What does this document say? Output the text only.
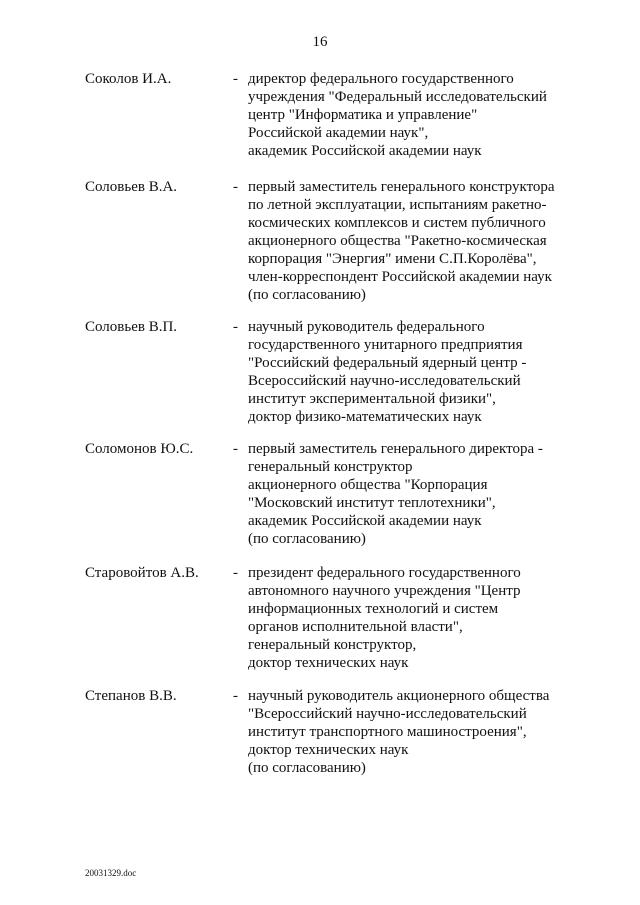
16
Соколов И.А.	- директор федерального государственного
учреждения "Федеральный исследовательский
центр "Информатика и управление"
Российской академии наук",
академик Российской академии наук
Соловьев В.А.	- первый заместитель генерального конструктора
по летной эксплуатации, испытаниям ракетно-
космических комплексов и систем публичного
акционерного общества "Ракетно-космическая
корпорация "Энергия" имени С.П.Королёва",
член-корреспондент Российской академии наук
(по согласованию)
Соловьев В.П.	- научный руководитель федерального
государственного унитарного предприятия
"Российский федеральный ядерный центр -
Всероссийский научно-исследовательский
институт экспериментальной физики",
доктор физико-математических наук
Соломонов Ю.С.	- первый заместитель генерального директора -
генеральный конструктор
акционерного общества "Корпорация
"Московский институт теплотехники",
академик Российской академии наук
(по согласованию)
Старовойтов А.В. - президент федерального государственного
автономного научного учреждения "Центр
информационных технологий и систем
органов исполнительной власти",
генеральный конструктор,
доктор технических наук
Степанов В.В.	- научный руководитель акционерного общества
"Всероссийский научно-исследовательский
институт транспортного машиностроения",
доктор технических наук
(по согласованию)
20031329.doc
